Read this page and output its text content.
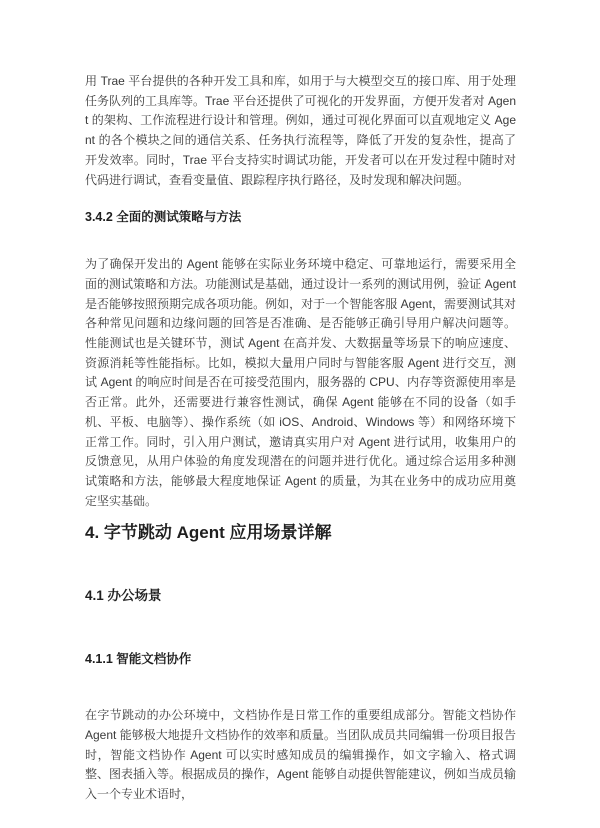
用 Trae 平台提供的各种开发工具和库，如用于与大模型交互的接口库、用于处理任务队列的工具库等。Trae 平台还提供了可视化的开发界面，方便开发者对 Agent 的架构、工作流程进行设计和管理。例如，通过可视化界面可以直观地定义 Agent 的各个模块之间的通信关系、任务执行流程等，降低了开发的复杂性，提高了开发效率。同时，Trae 平台支持实时调试功能，开发者可以在开发过程中随时对代码进行调试，查看变量值、跟踪程序执行路径，及时发现和解决问题。

3.4.2 全面的测试策略与方法

为了确保开发出的 Agent 能够在实际业务环境中稳定、可靠地运行，需要采用全面的测试策略和方法。功能测试是基础，通过设计一系列的测试用例，验证 Agent 是否能够按照预期完成各项功能。例如，对于一个智能客服 Agent，需要测试其对各种常见问题和边缘问题的回答是否准确、是否能够正确引导用户解决问题等。性能测试也是关键环节，测试 Agent 在高并发、大数据量等场景下的响应速度、资源消耗等性能指标。比如，模拟大量用户同时与智能客服 Agent 进行交互，测试 Agent 的响应时间是否在可接受范围内，服务器的 CPU、内存等资源使用率是否正常。此外，还需要进行兼容性测试，确保 Agent 能够在不同的设备（如手机、平板、电脑等）、操作系统（如 iOS、Android、Windows 等）和网络环境下正常工作。同时，引入用户测试，邀请真实用户对 Agent 进行试用，收集用户的反馈意见，从用户体验的角度发现潜在的问题并进行优化。通过综合运用多种测试策略和方法，能够最大程度地保证 Agent 的质量，为其在业务中的成功应用奠定坚实基础。

4. 字节跳动 Agent 应用场景详解
4.1 办公场景
4.1.1 智能文档协作

在字节跳动的办公环境中，文档协作是日常工作的重要组成部分。智能文档协作 Agent 能够极大地提升文档协作的效率和质量。当团队成员共同编辑一份项目报告时，智能文档协作 Agent 可以实时感知成员的编辑操作，如文字输入、格式调整、图表插入等。根据成员的操作，Agent 能够自动提供智能建议，例如当成员输入一个专业术语时，
